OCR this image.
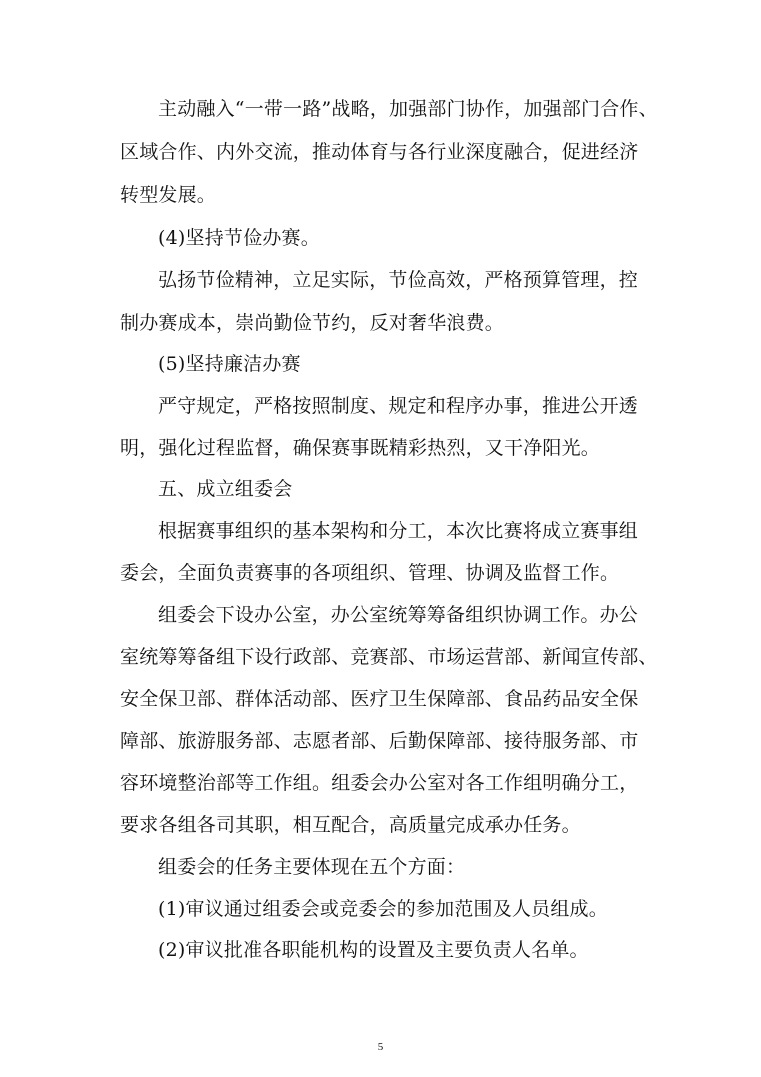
主动融入“一带一路”战略，加强部门协作，加强部门合作、
区域合作、内外交流，推动体育与各行业深度融合，促进经济
转型发展。
(4)坚持节俭办赛。
弘扬节俭精神，立足实际，节俭高效，严格预算管理，控
制办赛成本，崇尚勤俭节约，反对奢华浪费。
(5)坚持廉洁办赛
严守规定，严格按照制度、规定和程序办事，推进公开透
明，强化过程监督，确保赛事既精彩热烈，又干净阳光。
五、成立组委会
根据赛事组织的基本架构和分工，本次比赛将成立赛事组
委会，全面负责赛事的各项组织、管理、协调及监督工作。
组委会下设办公室，办公室统筹筹备组织协调工作。办公
室统筹筹备组下设行政部、竞赛部、市场运营部、新闻宣传部、
安全保卫部、群体活动部、医疗卫生保障部、食品药品安全保
障部、旅游服务部、志愿者部、后勤保障部、接待服务部、市
容环境整治部等工作组。组委会办公室对各工作组明确分工，
要求各组各司其职，相互配合，高质量完成承办任务。
组委会的任务主要体现在五个方面：
(1)审议通过组委会或竞委会的参加范围及人员组成。
(2)审议批准各职能机构的设置及主要负责人名单。
5
